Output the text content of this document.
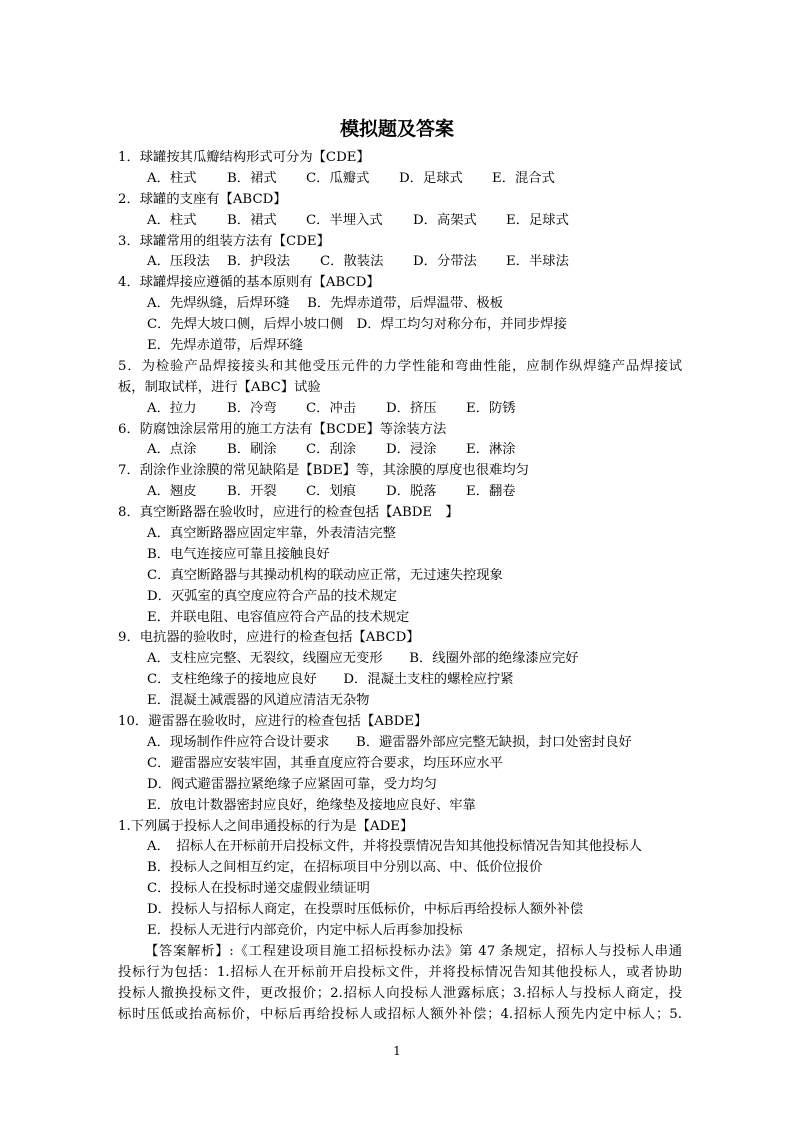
模拟题及答案
1．球罐按其瓜瓣结构形式可分为【CDE】
A．柱式	B．裙式	C．瓜瓣式	D．足球式	E．混合式
2．球罐的支座有【ABCD】
A．柱式	B．裙式	C．半埋入式	D．高架式	E．足球式
3．球罐常用的组装方法有【CDE】
A．压段法	B．护段法	C．散装法	D．分带法	E．半球法
4．球罐焊接应遵循的基本原则有【ABCD】
A．先焊纵缝，后焊环缝　 B．先焊赤道带，后焊温带、极板
C．先焊大坡口侧，后焊小坡口侧　D．焊工均匀对称分布，并同步焊接
E．先焊赤道带，后焊环缝
5．为检验产品焊接接头和其他受压元件的力学性能和弯曲性能，应制作纵焊缝产品焊接试
板，制取试样，进行【ABC】试验
A．拉力	B．冷弯	C．冲击	D．挤压	E．防锈
6．防腐蚀涂层常用的施工方法有【BCDE】等涂装方法
A．点涂	B．刷涂	C．刮涂	D．浸涂	E．淋涂
7．刮涂作业涂膜的常见缺陷是【BDE】等，其涂膜的厚度也很难均匀
A．翘皮	B．开裂	C．划痕	D．脱落	E．翻卷
8．真空断路器在验收时，应进行的检查包括【ABDE　】
A．真空断路器应固定牢靠，外表清洁完整
B．电气连接应可靠且接触良好
C．真空断路器与其操动机构的联动应正常，无过速失控现象
D．灭弧室的真空度应符合产品的技术规定
E．并联电阻、电容值应符合产品的技术规定
9．电抗器的验收时，应进行的检查包括【ABCD】
A．支柱应完整、无裂纹，线圈应无变形　　B．线圈外部的绝缘漆应完好
C．支柱绝缘子的接地应良好　　D．混凝土支柱的螺栓应拧紧
E．混凝土减震器的风道应清洁无杂物
10．避雷器在验收时，应进行的检查包括【ABDE】
A．现场制作件应符合设计要求　　B．避雷器外部应完整无缺损，封口处密封良好
C．避雷器应安装牢固，其垂直度应符合要求，均压环应水平
D．阀式避雷器拉紧绝缘子应紧固可靠，受力均匀
E．放电计数器密封应良好，绝缘垫及接地应良好、牢靠
1.下列属于投标人之间串通投标的行为是【ADE】
A．　招标人在开标前开启投标文件，并将投票情况告知其他投标情况告知其他投标人
B．投标人之间相互约定，在招标项目中分别以高、中、低价位报价
C．投标人在投标时递交虚假业绩证明
D．投标人与招标人商定，在投票时压低标价，中标后再给投标人额外补偿
E．投标人无进行内部竞价，内定中标人后再参加投标
【答案解析】:《工程建设项目施工招标投标办法》第 47 条规定，招标人与投标人串通
投标行为包括：1.招标人在开标前开启投标文件，并将投标情况告知其他投标人，或者协助
投标人撤换投标文件，更改报价；2.招标人向投标人泄露标底；3.招标人与投标人商定，投
标时压低或抬高标价，中标后再给投标人或招标人额外补偿；4.招标人预先内定中标人；5.
1
